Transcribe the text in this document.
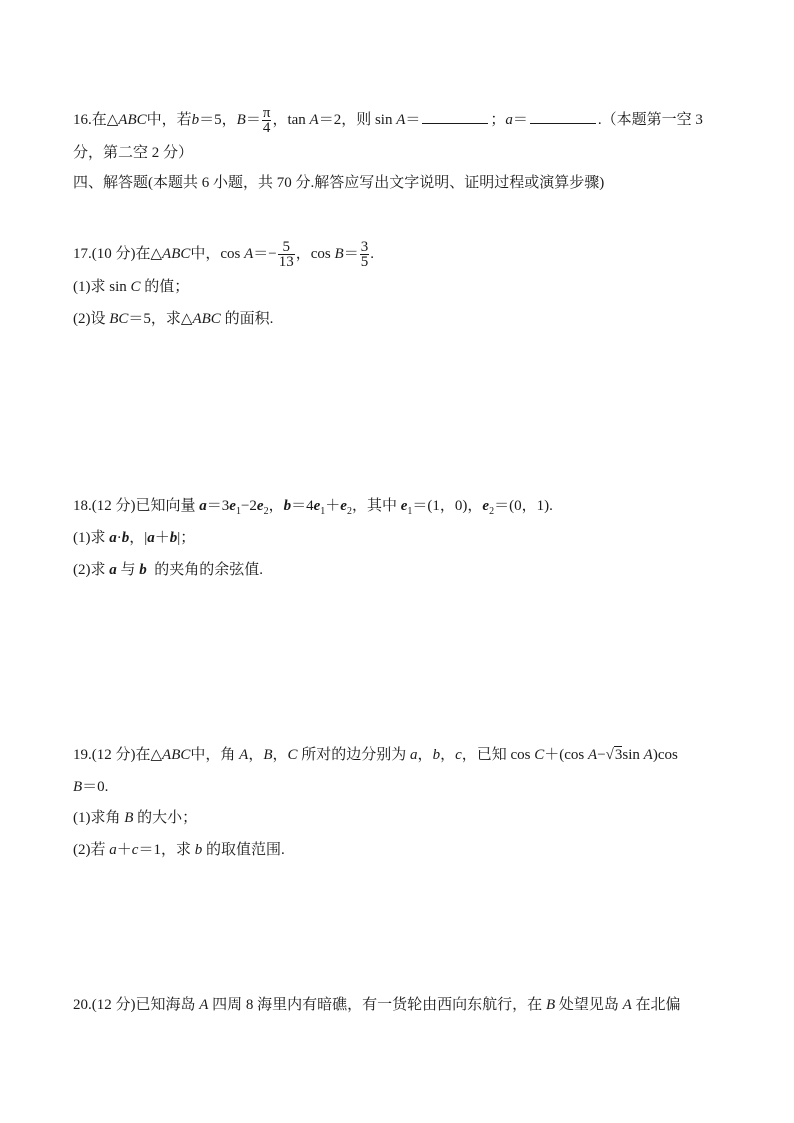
16.在△ABC中，若b＝5，$B= \frac{\pi}{4}$ ，tan A＝2，则 sin A＝	；a＝	.（本题第一空 3
分，第二空 2 分）
四、解答题(本题共 6 小题，共 70 分.解答应写出文字说明、证明过程或演算步骤)
17.(10 分)在△ABC中，$\cos A=- \frac{5}{13}$ ，$\cos B= \frac{3}{5}$ .
(1)求 sin C 的值；
(2)设 BC＝5，求△ABC 的面积.
18.(12 分)已知向量 $a=3e_1-2e_2$，$b=4e_1+e_2$，其中 $e_1=(1$，0)，$e_2=(0$，1).
(1)求 a·b，|a＋b|；
(2)求 a 与 b 的夹角的余弦值.
19.(12 分)在△ABC中，角 A，B，C 所对的边分别为 a，b，c，已知 cos C＋(cos A−√3sin A)cos
B＝0.
(1)求角 B 的大小；
(2)若 a＋c＝1，求 b 的取值范围.
20.(12 分)已知海岛 A 四周 8 海里内有暗礁，有一货轮由西向东航行，在 B 处望见岛 A 在北偏
